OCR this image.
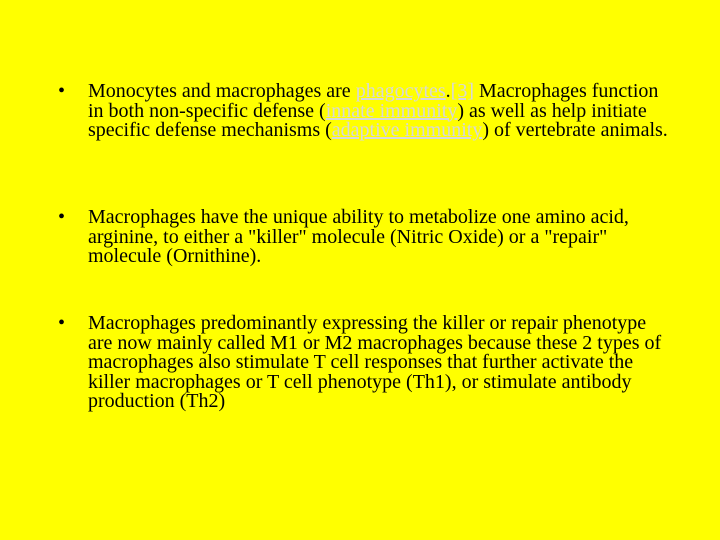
•	Monocytes and macrophages are phagocytes.[3] Macrophages function in both non-specific defense (innate immunity) as well as help initiate specific defense mechanisms (adaptive immunity) of vertebrate animals.
•	Macrophages have the unique ability to metabolize one amino acid, arginine, to either a "killer" molecule (Nitric Oxide) or a "repair" molecule (Ornithine).
•	Macrophages predominantly expressing the killer or repair phenotype are now mainly called M1 or M2 macrophages because these 2 types of macrophages also stimulate T cell responses that further activate the killer macrophages or T cell phenotype (Th1), or stimulate antibody production (Th2)
